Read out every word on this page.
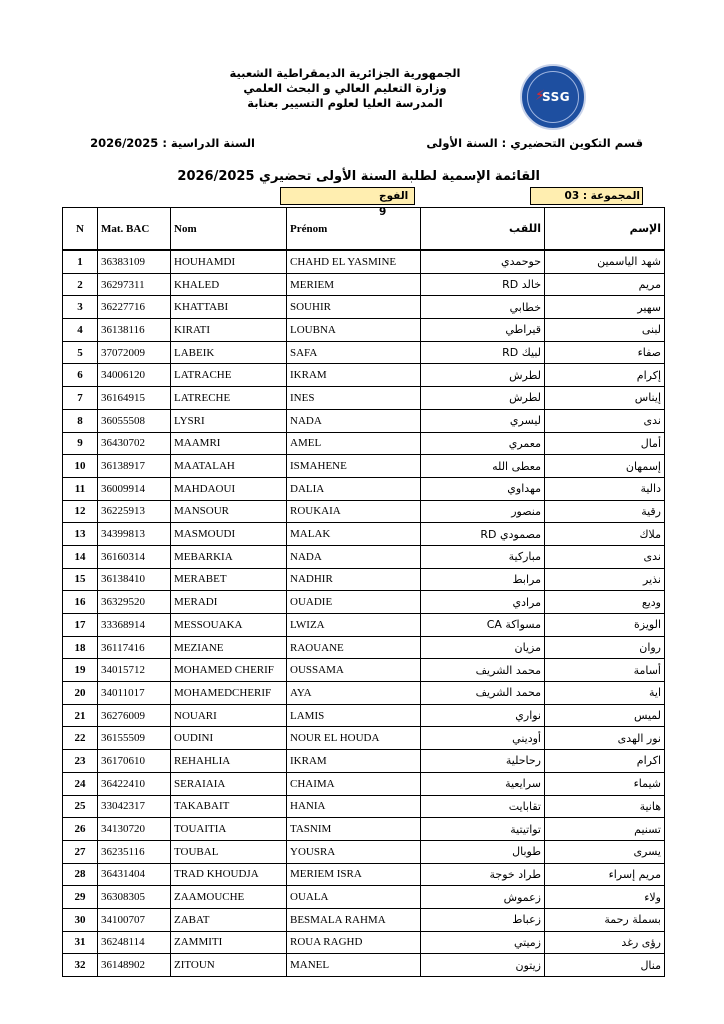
الجمهورية الجزائرية الديمقراطية الشعبية
وزارة التعليم العالي و البحث العلمي
المدرسة العليا لعلوم التسيير بعنابة	⚡
SSG
قسم التكوين التحضيري : السنة الأولى
السنة الدراسية : 2026/2025
القائمة الإسمية لطلبة السنة الأولى تحضيري 2026/2025
الفوج 9
المجموعة : 03
N	Mat. BAC	Nom	Prénom	اللقب	الإسم
1	36383109	HOUHAMDI	CHAHD EL YASMINE	حوحمدي	شهد الياسمين
2	36297311	KHALED	MERIEM	خالد RD	مريم
3	36227716	KHATTABI	SOUHIR	خطابي	سهير
4	36138116	KIRATI	LOUBNA	قيراطي	لبنى
5	37072009	LABEIK	SAFA	لبيك RD	صفاء
6	34006120	LATRACHE	IKRAM	لطرش	إكرام
7	36164915	LATRECHE	INES	لطرش	إيناس
8	36055508	LYSRI	NADA	ليسري	ندى
9	36430702	MAAMRI	AMEL	معمري	أمال
10	36138917	MAATALAH	ISMAHENE	معطى الله	إسمهان
11	36009914	MAHDAOUI	DALIA	مهداوي	دالية
12	36225913	MANSOUR	ROUKAIA	منصور	رقية
13	34399813	MASMOUDI	MALAK	مصمودي RD	ملاك
14	36160314	MEBARKIA	NADA	مباركية	ندى
15	36138410	MERABET	NADHIR	مرابط	نذير
16	36329520	MERADI	OUADIE	مرادي	وديع
17	33368914	MESSOUAKA	LWIZA	مسواكة CA	الويزة
18	36117416	MEZIANE	RAOUANE	مزيان	روان
19	34015712	MOHAMED CHERIF	OUSSAMA	محمد الشريف	أسامة
20	34011017	MOHAMEDCHERIF	AYA	محمد الشريف	اية
21	36276009	NOUARI	LAMIS	نواري	لميس
22	36155509	OUDINI	NOUR EL HOUDA	أوديني	نور الهدى
23	36170610	REHAHLIA	IKRAM	رحاحلية	اكرام
24	36422410	SERAIAIA	CHAIMA	سرايعية	شيماء
25	33042317	TAKABAIT	HANIA	تقابايت	هانية
26	34130720	TOUAITIA	TASNIM	تواتيتية	تسنيم
27	36235116	TOUBAL	YOUSRA	طوبال	يسرى
28	36431404	TRAD KHOUDJA	MERIEM ISRA	طراد خوجة	مريم إسراء
29	36308305	ZAAMOUCHE	OUALA	زعموش	ولاء
30	34100707	ZABAT	BESMALA RAHMA	زعباط	بسملة رحمة
31	36248114	ZAMMITI	ROUA RAGHD	زميتي	رؤى رغد
32	36148902	ZITOUN	MANEL	زيتون	منال
